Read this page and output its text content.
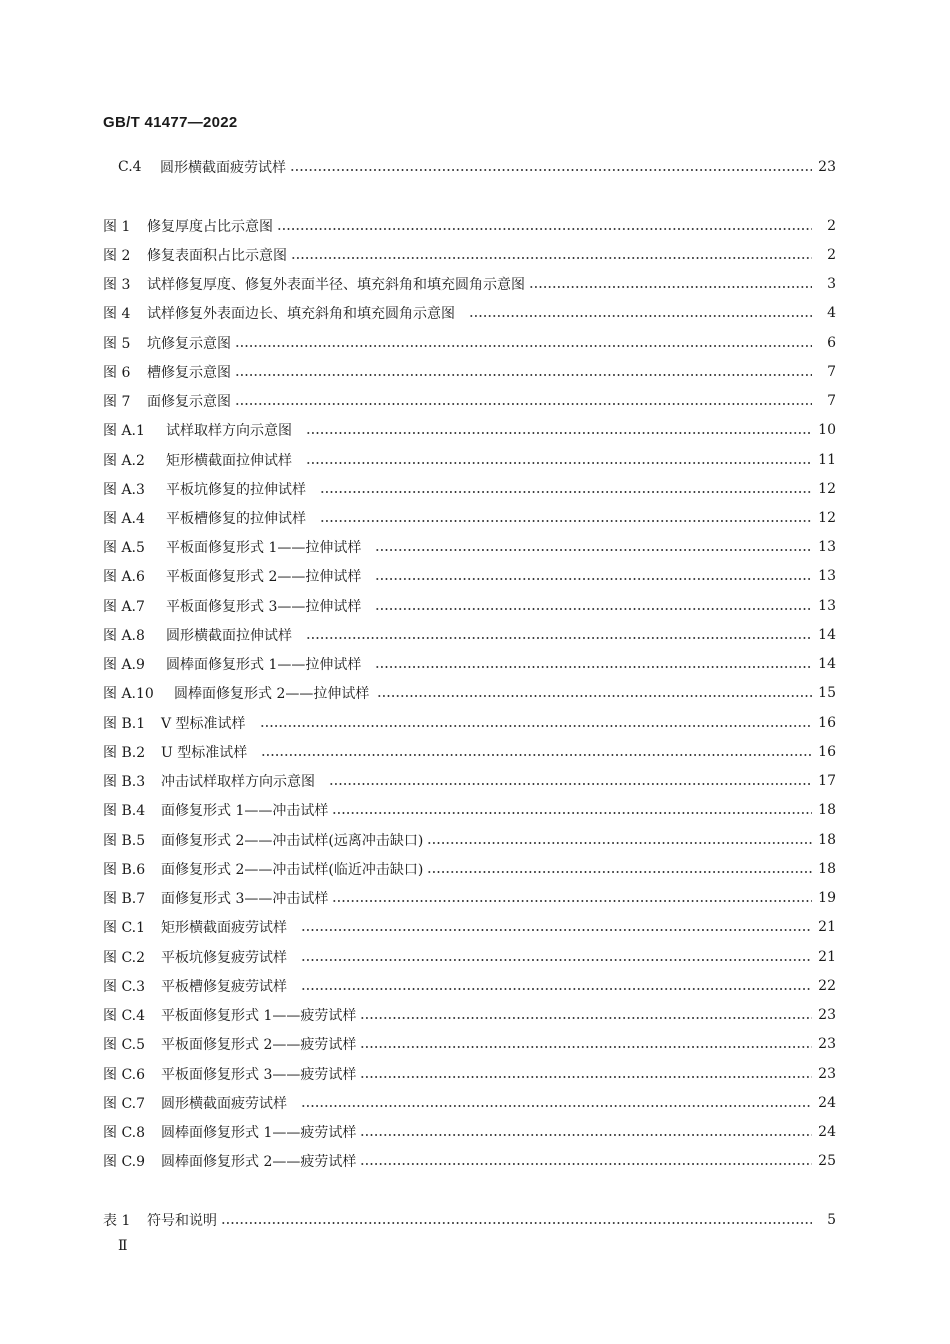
GB/T 41477—2022
C.4	圆形横截面疲劳试样	23
图 1	修复厚度占比示意图	2
图 2	修复表面积占比示意图	2
图 3	试样修复厚度、修复外表面半径、填充斜角和填充圆角示意图	3
图 4	试样修复外表面边长、填充斜角和填充圆角示意图	4
图 5	坑修复示意图	6
图 6	槽修复示意图	7
图 7	面修复示意图	7
图 A.1	试样取样方向示意图	10
图 A.2	矩形横截面拉伸试样	11
图 A.3	平板坑修复的拉伸试样	12
图 A.4	平板槽修复的拉伸试样	12
图 A.5	平板面修复形式 1——拉伸试样	13
图 A.6	平板面修复形式 2——拉伸试样	13
图 A.7	平板面修复形式 3——拉伸试样	13
图 A.8	圆形横截面拉伸试样	14
图 A.9	圆棒面修复形式 1——拉伸试样	14
图 A.10	圆棒面修复形式 2——拉伸试样	15
图 B.1	V 型标准试样	16
图 B.2	U 型标准试样	16
图 B.3	冲击试样取样方向示意图	17
图 B.4	面修复形式 1——冲击试样	18
图 B.5	面修复形式 2——冲击试样(远离冲击缺口)	18
图 B.6	面修复形式 2——冲击试样(临近冲击缺口)	18
图 B.7	面修复形式 3——冲击试样	19
图 C.1	矩形横截面疲劳试样	21
图 C.2	平板坑修复疲劳试样	21
图 C.3	平板槽修复疲劳试样	22
图 C.4	平板面修复形式 1——疲劳试样	23
图 C.5	平板面修复形式 2——疲劳试样	23
图 C.6	平板面修复形式 3——疲劳试样	23
图 C.7	圆形横截面疲劳试样	24
图 C.8	圆棒面修复形式 1——疲劳试样	24
图 C.9	圆棒面修复形式 2——疲劳试样	25
表 1	符号和说明	5
Ⅱ
